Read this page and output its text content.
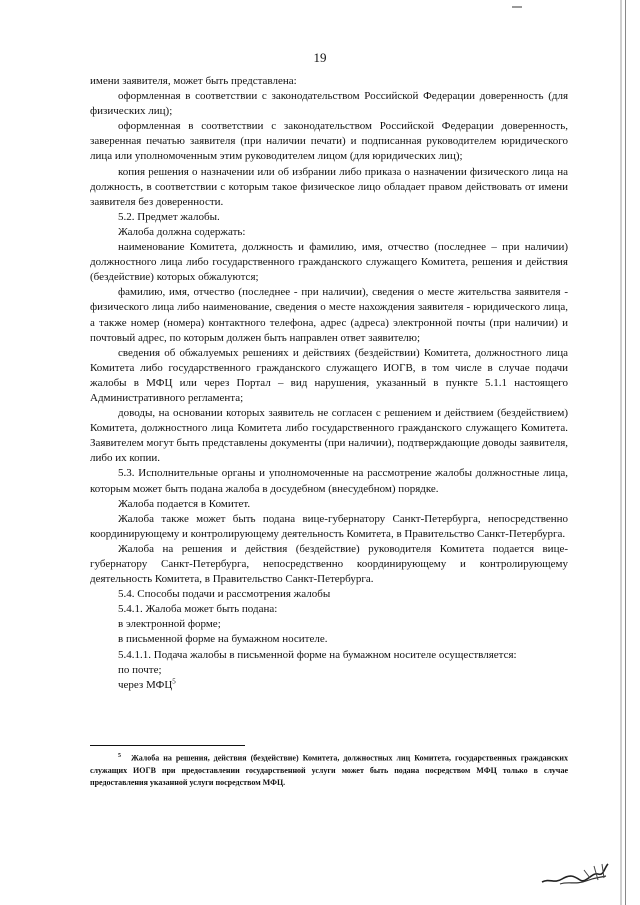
19

имени заявителя, может быть представлена:

оформленная в соответствии с законодательством Российской Федерации доверенность (для физических лиц);

оформленная в соответствии с законодательством Российской Федерации доверенность, заверенная печатью заявителя (при наличии печати) и подписанная руководителем юридического лица или уполномоченным этим руководителем лицом (для юридических лиц);

копия решения о назначении или об избрании либо приказа о назначении физического лица на должность, в соответствии с которым такое физическое лицо обладает правом действовать от имени заявителя без доверенности.

5.2. Предмет жалобы.

Жалоба должна содержать:

наименование Комитета, должность и фамилию, имя, отчество (последнее – при наличии) должностного лица либо государственного гражданского служащего Комитета, решения и действия (бездействие) которых обжалуются;

фамилию, имя, отчество (последнее - при наличии), сведения о месте жительства заявителя - физического лица либо наименование, сведения о месте нахождения заявителя - юридического лица, а также номер (номера) контактного телефона, адрес (адреса) электронной почты (при наличии) и почтовый адрес, по которым должен быть направлен ответ заявителю;

сведения об обжалуемых решениях и действиях (бездействии) Комитета, должностного лица Комитета либо государственного гражданского служащего ИОГВ, в том числе в случае подачи жалобы в МФЦ или через Портал – вид нарушения, указанный в пункте 5.1.1 настоящего Административного регламента;

доводы, на основании которых заявитель не согласен с решением и действием (бездействием) Комитета, должностного лица Комитета либо государственного гражданского служащего Комитета. Заявителем могут быть представлены документы (при наличии), подтверждающие доводы заявителя, либо их копии.

5.3. Исполнительные органы и уполномоченные на рассмотрение жалобы должностные лица, которым может быть подана жалоба в досудебном (внесудебном) порядке.

Жалоба подается в Комитет.

Жалоба также может быть подана вице-губернатору Санкт-Петербурга, непосредственно координирующему и контролирующему деятельность Комитета, в Правительство Санкт-Петербурга.

Жалоба на решения и действия (бездействие) руководителя Комитета подается вице-губернатору Санкт-Петербурга, непосредственно координирующему и контролирующему деятельность Комитета, в Правительство Санкт-Петербурга.

5.4. Способы подачи и рассмотрения жалобы

5.4.1. Жалоба может быть подана:

в электронной форме;

в письменной форме на бумажном носителе.

5.4.1.1. Подача жалобы в письменной форме на бумажном носителе осуществляется:

по почте;

через МФЦ$^5$

$^5$ Жалоба на решения, действия (бездействие) Комитета, должностных лиц Комитета, государственных гражданских служащих ИОГВ при предоставлении государственной услуги может быть подана посредством МФЦ только в случае предоставления указанной услуги посредством МФЦ.
